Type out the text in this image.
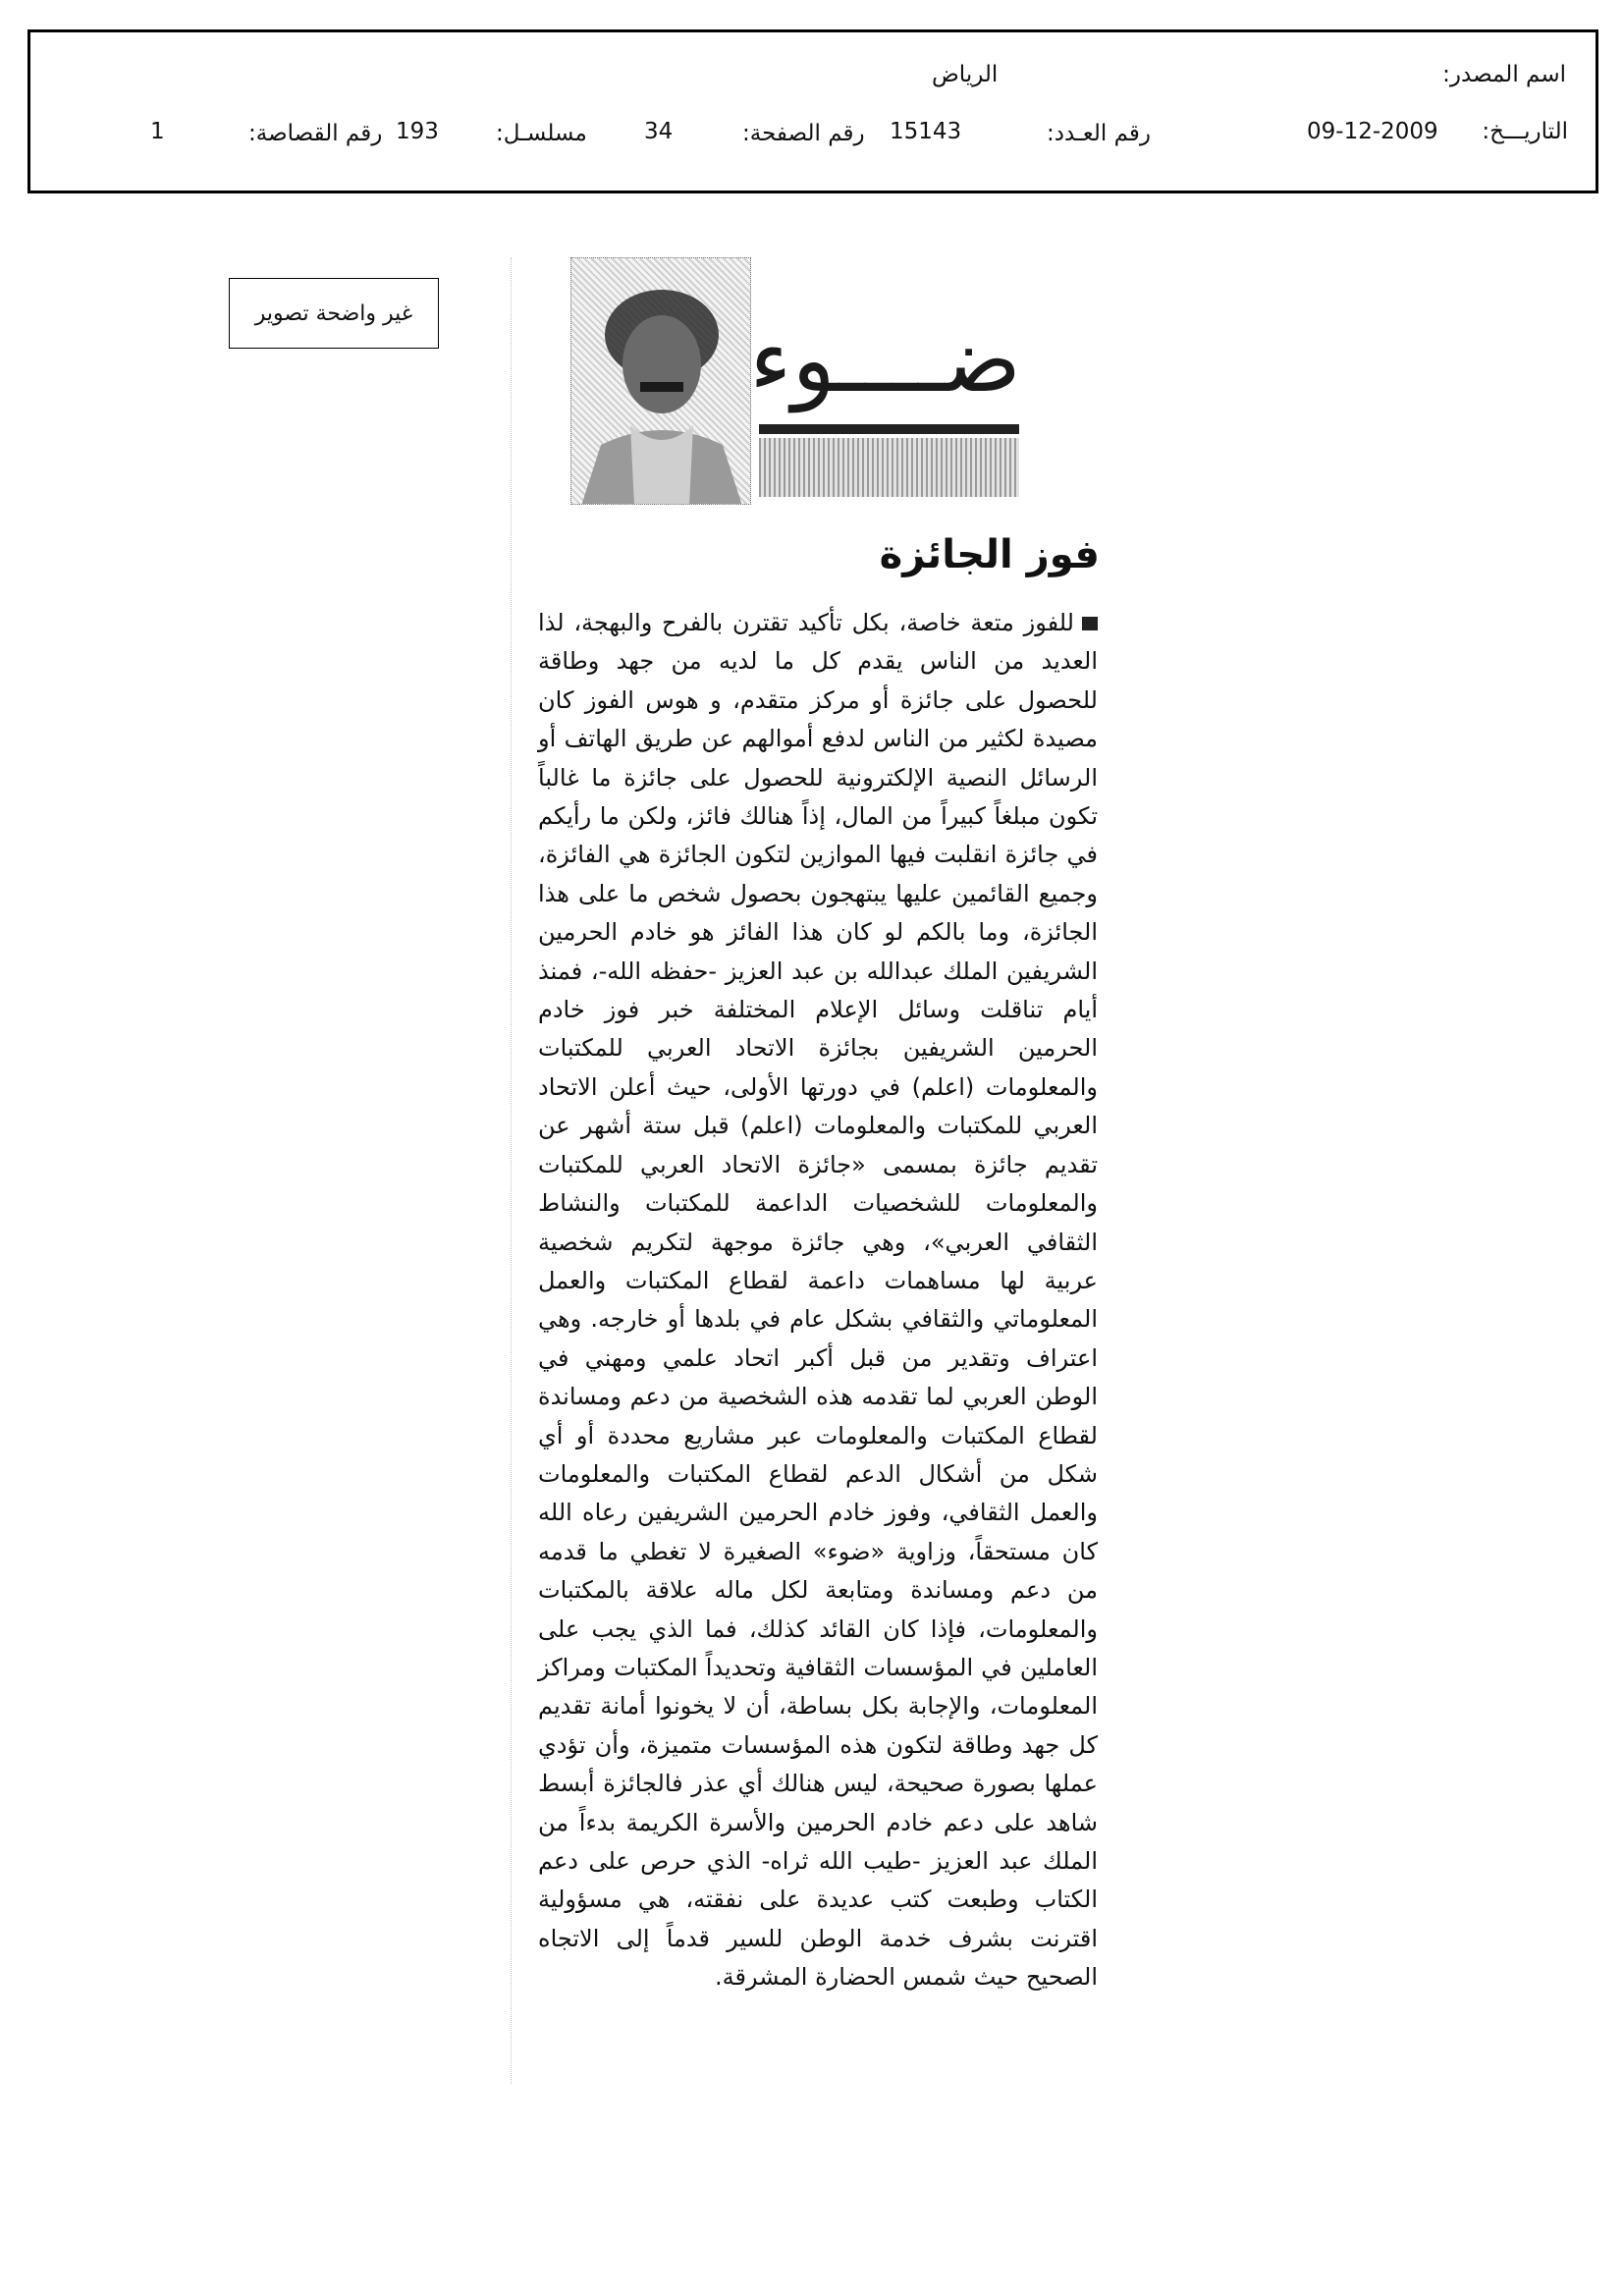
اسم المصدر:
الرياض
التاريـــخ:
09-12-2009
رقم العـدد:
15143
رقم الصفحة:
34
مسلسـل:
193
رقم القصاصة:
1
غير واضحة تصوير	ضــــوء
فوز الجائزة
للفوز متعة خاصة، بكل تأكيد تقترن بالفرح والبهجة، لذا العديد من الناس يقدم كل ما لديه من جهد وطاقة للحصول على جائزة أو مركز متقدم، و هوس الفوز كان مصيدة لكثير من الناس لدفع أموالهم عن طريق الهاتف أو الرسائل النصية الإلكترونية للحصول على جائزة ما غالباً تكون مبلغاً كبيراً من المال، إذاً هنالك فائز، ولكن ما رأيكم في جائزة انقلبت فيها الموازين لتكون الجائزة هي الفائزة، وجميع القائمين عليها يبتهجون بحصول شخص ما على هذا الجائزة، وما بالكم لو كان هذا الفائز هو خادم الحرمين الشريفين الملك عبدالله بن عبد العزيز -حفظه الله-، فمنذ أيام تناقلت وسائل الإعلام المختلفة خبر فوز خادم الحرمين الشريفين بجائزة الاتحاد العربي للمكتبات والمعلومات (اعلم) في دورتها الأولى، حيث أعلن الاتحاد العربي للمكتبات والمعلومات (اعلم) قبل ستة أشهر عن تقديم جائزة بمسمى «جائزة الاتحاد العربي للمكتبات والمعلومات للشخصيات الداعمة للمكتبات والنشاط الثقافي العربي»، وهي جائزة موجهة لتكريم شخصية عربية لها مساهمات داعمة لقطاع المكتبات والعمل المعلوماتي والثقافي بشكل عام في بلدها أو خارجه. وهي اعتراف وتقدير من قبل أكبر اتحاد علمي ومهني في الوطن العربي لما تقدمه هذه الشخصية من دعم ومساندة لقطاع المكتبات والمعلومات عبر مشاريع محددة أو أي شكل من أشكال الدعم لقطاع المكتبات والمعلومات والعمل الثقافي، وفوز خادم الحرمين الشريفين رعاه الله كان مستحقاً، وزاوية «ضوء» الصغيرة لا تغطي ما قدمه من دعم ومساندة ومتابعة لكل ماله علاقة بالمكتبات والمعلومات، فإذا كان القائد كذلك، فما الذي يجب على العاملين في المؤسسات الثقافية وتحديداً المكتبات ومراكز المعلومات، والإجابة بكل بساطة، أن لا يخونوا أمانة تقديم كل جهد وطاقة لتكون هذه المؤسسات متميزة، وأن تؤدي عملها بصورة صحيحة، ليس هنالك أي عذر فالجائزة أبسط شاهد على دعم خادم الحرمين والأسرة الكريمة بدءاً من الملك عبد العزيز -طيب الله ثراه- الذي حرص على دعم الكتاب وطبعت كتب عديدة على نفقته، هي مسؤولية اقترنت بشرف خدمة الوطن للسير قدماً إلى الاتجاه الصحيح حيث شمس الحضارة المشرقة.
